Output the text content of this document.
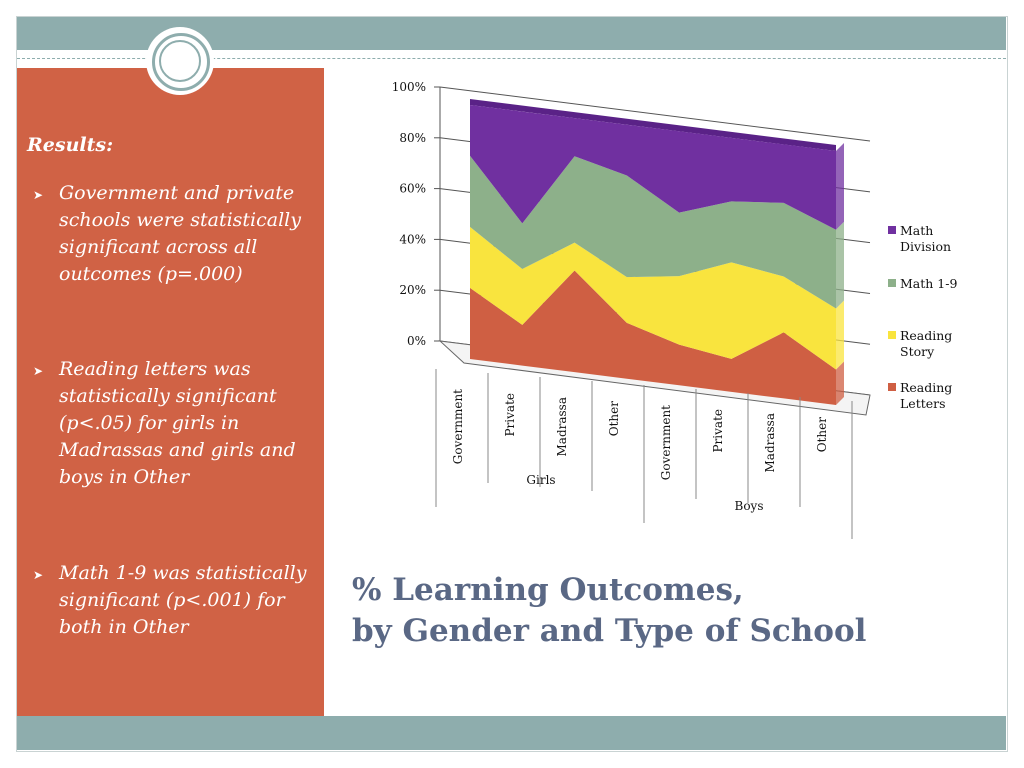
Results:
➤ Government and private
schools were statistically
significant across all
outcomes (p=.000)
➤ Reading letters was
statistically significant
(p<.05) for girls in
Madrassas and girls and
boys in Other
➤ Math 1-9 was statistically
significant (p<.001) for
both in Other
0%
20%
40%
60%
80%
100%
Government	Private	Madrassa	Other	Government	Private	Madrassa	Other
Girls
Boys
Math
Division
Math 1-9
Reading
Story
Reading
Letters
% Learning Outcomes,
by Gender and Type of School
